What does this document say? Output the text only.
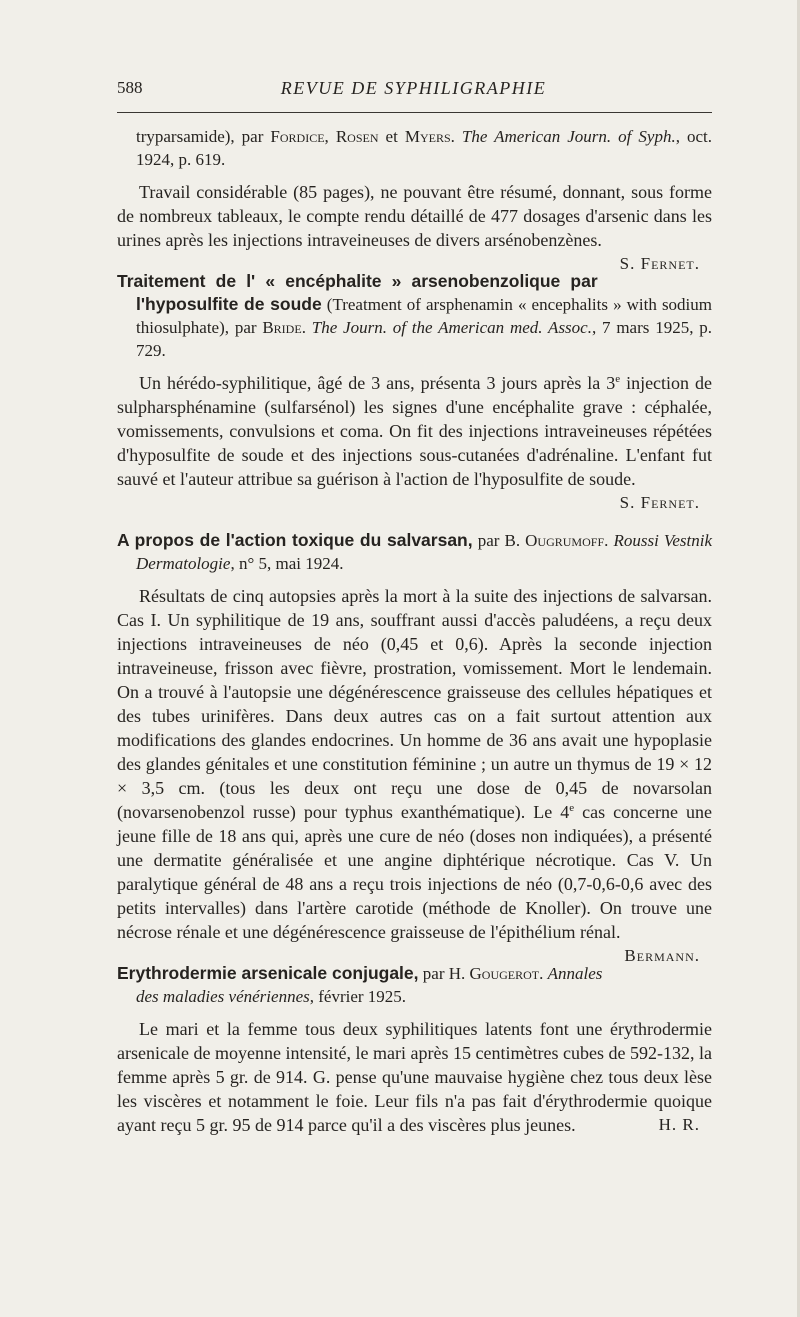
588	REVUE DE SYPHILIGRAPHIE

tryparsamide), par Fordice, Rosen et Myers. The American Journ. of Syph., oct. 1924, p. 619.

Travail considérable (85 pages), ne pouvant être résumé, donnant, sous forme de nombreux tableaux, le compte rendu détaillé de 477 dosages d'arsenic dans les urines après les injections intraveineuses de divers arsénobenzènes.
S. Fernet.

Traitement de l' « encéphalite » arsenobenzolique par l'hyposulfite de soude (Treatment of arsphenamin « encephalits » with sodium thiosulphate), par Bride. The Journ. of the American med. Assoc., 7 mars 1925, p. 729.

Un hérédo-syphilitique, âgé de 3 ans, présenta 3 jours après la 3e injection de sulpharsphénamine (sulfarsénol) les signes d'une encéphalite grave : céphalée, vomissements, convulsions et coma. On fit des injections intraveineuses répétées d'hyposulfite de soude et des injections sous-cutanées d'adrénaline. L'enfant fut sauvé et l'auteur attribue sa guérison à l'action de l'hyposulfite de soude.
S. Fernet.

A propos de l'action toxique du salvarsan, par B. Ougrumoff. Roussi Vestnik Dermatologie, n° 5, mai 1924.

Résultats de cinq autopsies après la mort à la suite des injections de salvarsan. Cas I. Un syphilitique de 19 ans, souffrant aussi d'accès paludéens, a reçu deux injections intraveineuses de néo (0,45 et 0,6). Après la seconde injection intraveineuse, frisson avec fièvre, prostration, vomissement. Mort le lendemain. On a trouvé à l'autopsie une dégénérescence graisseuse des cellules hépatiques et des tubes urinifères. Dans deux autres cas on a fait surtout attention aux modifications des glandes endocrines. Un homme de 36 ans avait une hypoplasie des glandes génitales et une constitution féminine ; un autre un thymus de 19 × 12 × 3,5 cm. (tous les deux ont reçu une dose de 0,45 de novarsolan (novarsenobenzol russe) pour typhus exanthématique). Le 4e cas concerne une jeune fille de 18 ans qui, après une cure de néo (doses non indiquées), a présenté une dermatite généralisée et une angine diphtérique nécrotique. Cas V. Un paralytique général de 48 ans a reçu trois injections de néo (0,7-0,6-0,6 avec des petits intervalles) dans l'artère carotide (méthode de Knoller). On trouve une nécrose rénale et une dégénérescence graisseuse de l'épithélium rénal.
Bermann.

Erythrodermie arsenicale conjugale, par H. Gougerot. Annales des maladies vénériennes, février 1925.

Le mari et la femme tous deux syphilitiques latents font une érythrodermie arsenicale de moyenne intensité, le mari après 15 centimètres cubes de 592-132, la femme après 5 gr. de 914. G. pense qu'une mauvaise hygiène chez tous deux lèse les viscères et notamment le foie. Leur fils n'a pas fait d'érythrodermie quoique ayant reçu 5 gr. 95 de 914 parce qu'il a des viscères plus jeunes.	H. R.
